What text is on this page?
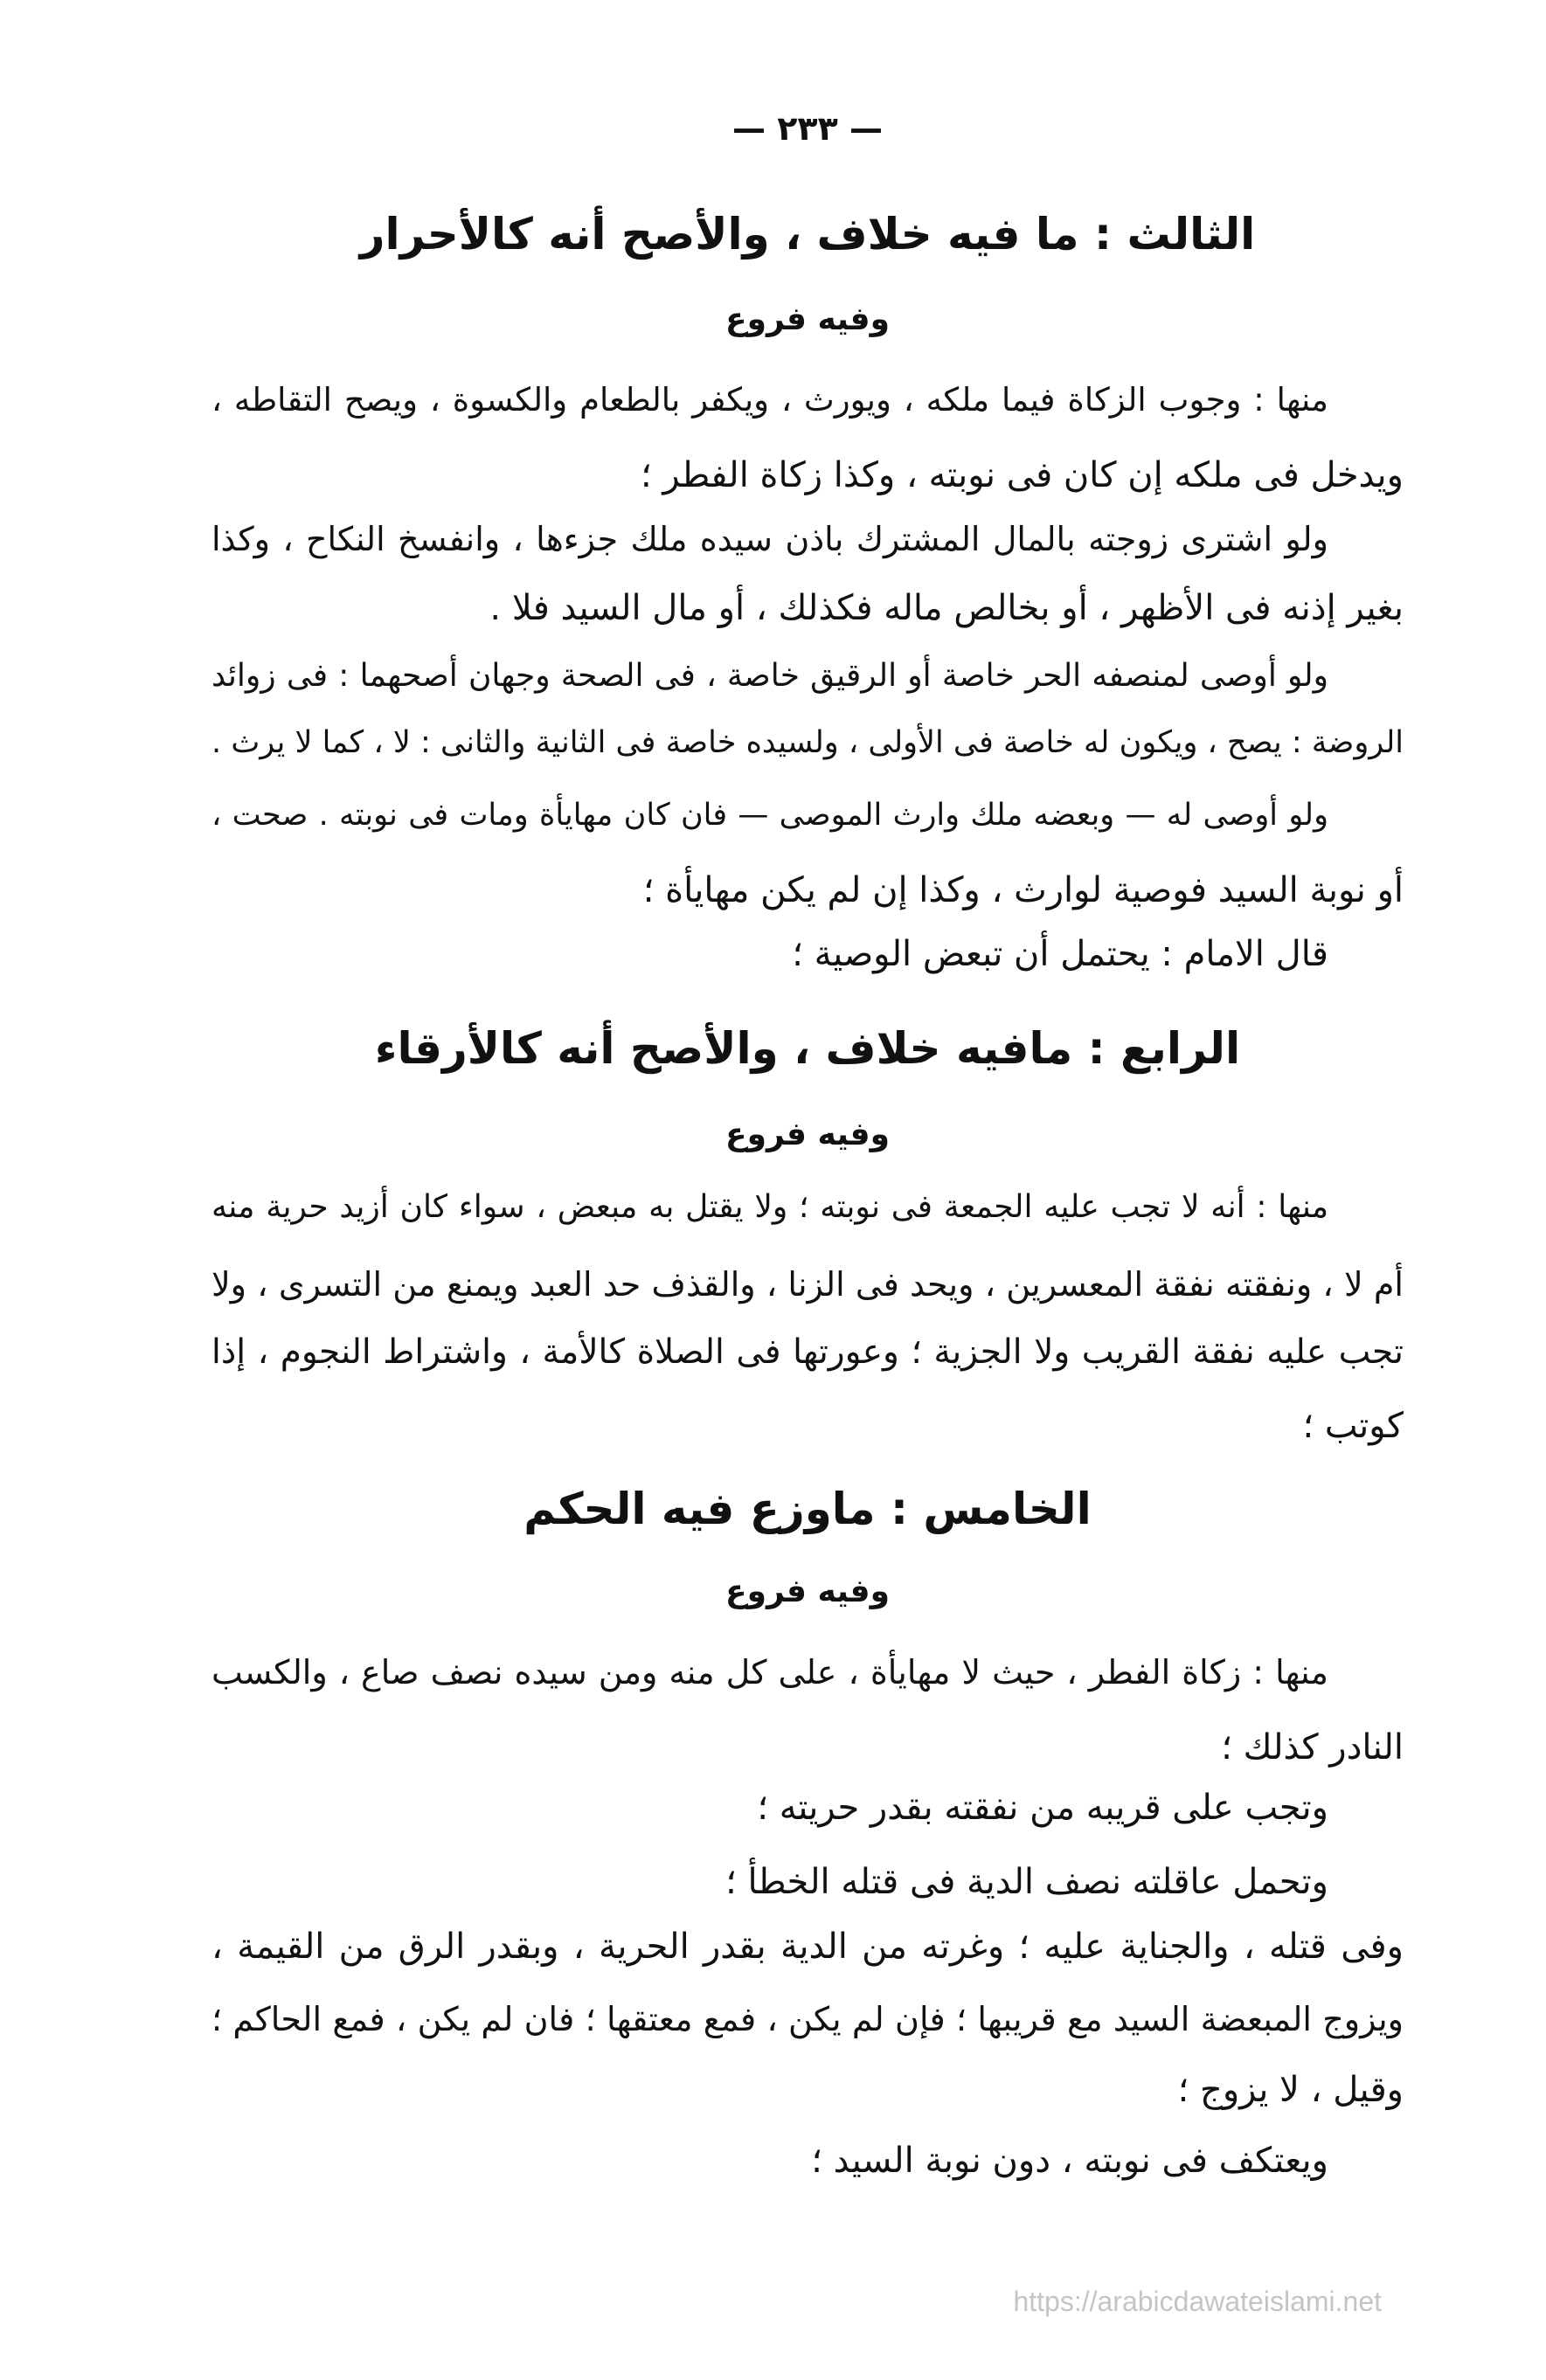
— ٢٣٣ —
الثالث : ما فيه خلاف ، والأصح أنه كالأحرار
وفيه فروع
منها : وجوب الزكاة فيما ملكه ، ويورث ، ويكفر بالطعام والكسوة ، ويصح التقاطه ،
ويدخل فى ملكه إن كان فى نوبته ، وكذا زكاة الفطر ؛
ولو اشترى زوجته بالمال المشترك باذن سيده ملك جزءها ، وانفسخ النكاح ، وكذا
بغير إذنه فى الأظهر ، أو بخالص ماله فكذلك ، أو مال السيد فلا .
ولو أوصى لمنصفه الحر خاصة أو الرقيق خاصة ، فى الصحة وجهان أصحهما : فى زوائد
الروضة : يصح ، ويكون له خاصة فى الأولى ، ولسيده خاصة فى الثانية والثانى : لا ، كما لا يرث .
ولو أوصى له — وبعضه ملك وارث الموصى — فان كان مهايأة ومات فى نوبته . صحت ،
أو نوبة السيد فوصية لوارث ، وكذا إن لم يكن مهايأة ؛
قال الامام : يحتمل أن تبعض الوصية ؛
الرابع : مافيه خلاف ، والأصح أنه كالأرقاء
وفيه فروع
منها : أنه لا تجب عليه الجمعة فى نوبته ؛ ولا يقتل به مبعض ، سواء كان أزيد حرية منه
أم لا ، ونفقته نفقة المعسرين ، ويحد فى الزنا ، والقذف حد العبد ويمنع من التسرى ، ولا
تجب عليه نفقة القريب ولا الجزية ؛ وعورتها فى الصلاة كالأمة ، واشتراط النجوم ، إذا
كوتب ؛
الخامس : ماوزع فيه الحكم
وفيه فروع
منها : زكاة الفطر ، حيث لا مهايأة ، على كل منه ومن سيده نصف صاع ، والكسب
النادر كذلك ؛
وتجب على قريبه من نفقته بقدر حريته ؛
وتحمل عاقلته نصف الدية فى قتله الخطأ ؛
وفى قتله ، والجناية عليه ؛ وغرته من الدية بقدر الحرية ، وبقدر الرق من القيمة ،
ويزوج المبعضة السيد مع قريبها ؛ فإن لم يكن ، فمع معتقها ؛ فان لم يكن ، فمع الحاكم ؛
وقيل ، لا يزوج ؛
ويعتكف فى نوبته ، دون نوبة السيد ؛
https://arabicdawateislami.net
